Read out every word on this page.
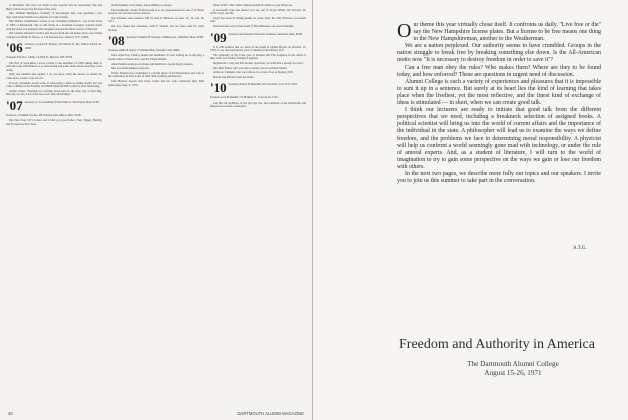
to Haverhill. The boys are small so the sojourn will be reasonably. She and Betty will be moved by the first of the year.

Mrs. William Shrimpton, formerly of Skowhegan, Me., was spending a few days with Jessie Walsh was pleasant for both of them.

Mrs. Bertha Chamberlin, widow of our classmate William E., was in the Class of 1903 at Dartmouth. She is still living in a beautiful Georgian colonial home with her sister in Lexington. Her daughter married Dr. Herb Cotton of Harvard.

Our Chester Mooney's widow has moved from the old home and is now living with her son Philip B. Moore, at 119 Roberts Ave., Denver, N.Y. 12054.

'06 Secretary, Leonard B. Hodson, 420 Marion St. Rd., Marion Station, Pa. 19066
Treasurer, Francis L. Childs, 14 Allen St., Hanover, N.H. 03755

The first of September I wrote a letter to the members of 1906 asking them to send me some information as to their health and some items about what they were doing.

Only one member has replied. I do not know what the answer is unless the Class news would cover all of it.

If every classmate would write as interesting a letter as Arthur Keller has, the Class columns in the monthly ALUMNI MAGAZINE would be most interesting.

Arthur writes: "Nothing too exciting down here in the little city of Red Bay. One day we saw a lot of the best crab, tuna and shrimp."

'07 Secretary, G. W. Greenbrier, 8 West Main St., West Upton, Mass. 01587
Treasurer, J. Franklin Crocker, 189 Chestnut Lane, Milton, Mass. 02186

The New Year 1971 is here and I wish you good folks a Very Happy, Healthy and Prosperous New Year.

month families everywhere. Keep smiling as always.

The Dartmouth varsity football team is to be congratulated for one of its finest seasons: ten victories and no defeats.

Our informal class reunion will be held in Hanover on June 13, 14, and 16, 1971.

Our best friend and classmate, Seth F. Chapin, has not been well for some months.

'08 Secretary, Frederick H. Worsely, 14 Bishop Ave., Wakefield, Mass. 01880
Treasurer, Arthur B. Rancy, 17 Marland Pine, Norwalk, Conn. 06840

Once again Pop Chesley makes the headlines. So this writing he is enjoying a fourth cruise to Puerto Rico and the Virgin Islands.

Allen Perkins sends good wishes and mentions a recent happy reunion.

Mrs. Goodwin thanked everyone.

Walter Furman has contributed a colorful photo of Ed Richardson and wife at the celebration in their home of their 50th wedding anniversary.

John Hobson reports that Chris Curtis and his wife celebrated their 60th anniversary Sept. 6, 1970.

Mass. 01907. This winter address should be added to your Directory.

A successful class has settled over the rest of Lloyd Willey. On October 30, 1970, Lloyd was 86.

Lloyd has been in failing health for some time; his wife Florence, recovered well.

One had brief word of the death of Bert Kilkenny, our class President.

'09 Secretary and Treasurer, Edward K. Robinson, Sandwich, Mass. 02563

It is with sadness that we learn of the death of Ogden Brown on October 15, 1970. It was reported that he went to Steuben in Rochester, N.Y.

The sympathy of the Class goes to Russell and Ella Leighton in the death of their older son Stanley Douglas Leighton.

Reginald R. Coley has had another operation; we wish him a speedy recovery.

Mrs. Bert Fisher who was only recently, was in excellent health.

Arthur A. Clement, who was with us two years, lives at Epping, N.H.

Harold and Harriet Clark are home.

'10 Secretary, Russell H. Meredith, 301 Carson Dr., Troy, N.Y. 12183
Treasurer, Leon B. Randall, 714 Berkeley St., Concord, Pa. 15511

Lest the old traditions of the grid get lost, the traditions of the Dartmouth and Rahall was recently celebrated.

40	DARTMOUTH ALUMNI MAGAZINE

Our theme this year virtually chose itself. It confronts us daily. "Live free or die" say the New Hampshire license plates. But a license to be free means one thing to the New Hampshireman, another to the Weatherman.

We are a nation perplexed. Our authority seems to have crumbled. Groups in the nation struggle to break free by breaking something else down. Is the All-American motto now "It is necessary to destroy freedom in order to save it"?

Can a free man obey the rules? Who makes them? Where are they to be found today, and how enforced? These are questions in urgent need of discussion.

Alumni College is such a variety of experiences and pleasures that it is impossible to sum it up in a sentence. But surely at its heart lies the kind of learning that takes place when the liveliest, yet the most reflective, and the finest kind of exchange of ideas is stimulated — in short, when we can create good talk.

I think our lecturers are ready to initiate that good talk from the different perspectives that we need, including a breakneck selection of assigned books. A political scientist will bring us into the world of current affairs and the importance of the individual in the state. A philosopher will lead us to examine the ways we define freedom, and the problems we face in determining moral responsibility. A physicist will help us confront a world seemingly gone mad with technology, or under the rule of amoral experts. And, as a student of literature, I will turn to the world of imagination to try to gain some perspective on the ways we gain or lose our freedom with others.

In the next two pages, we describe more fully our topics and our speakers. I invite you to join us this summer to take part in the conversation.

A.T.G.
Freedom and Authority in America
The Dartmouth Alumni College
August 15-26, 1971
